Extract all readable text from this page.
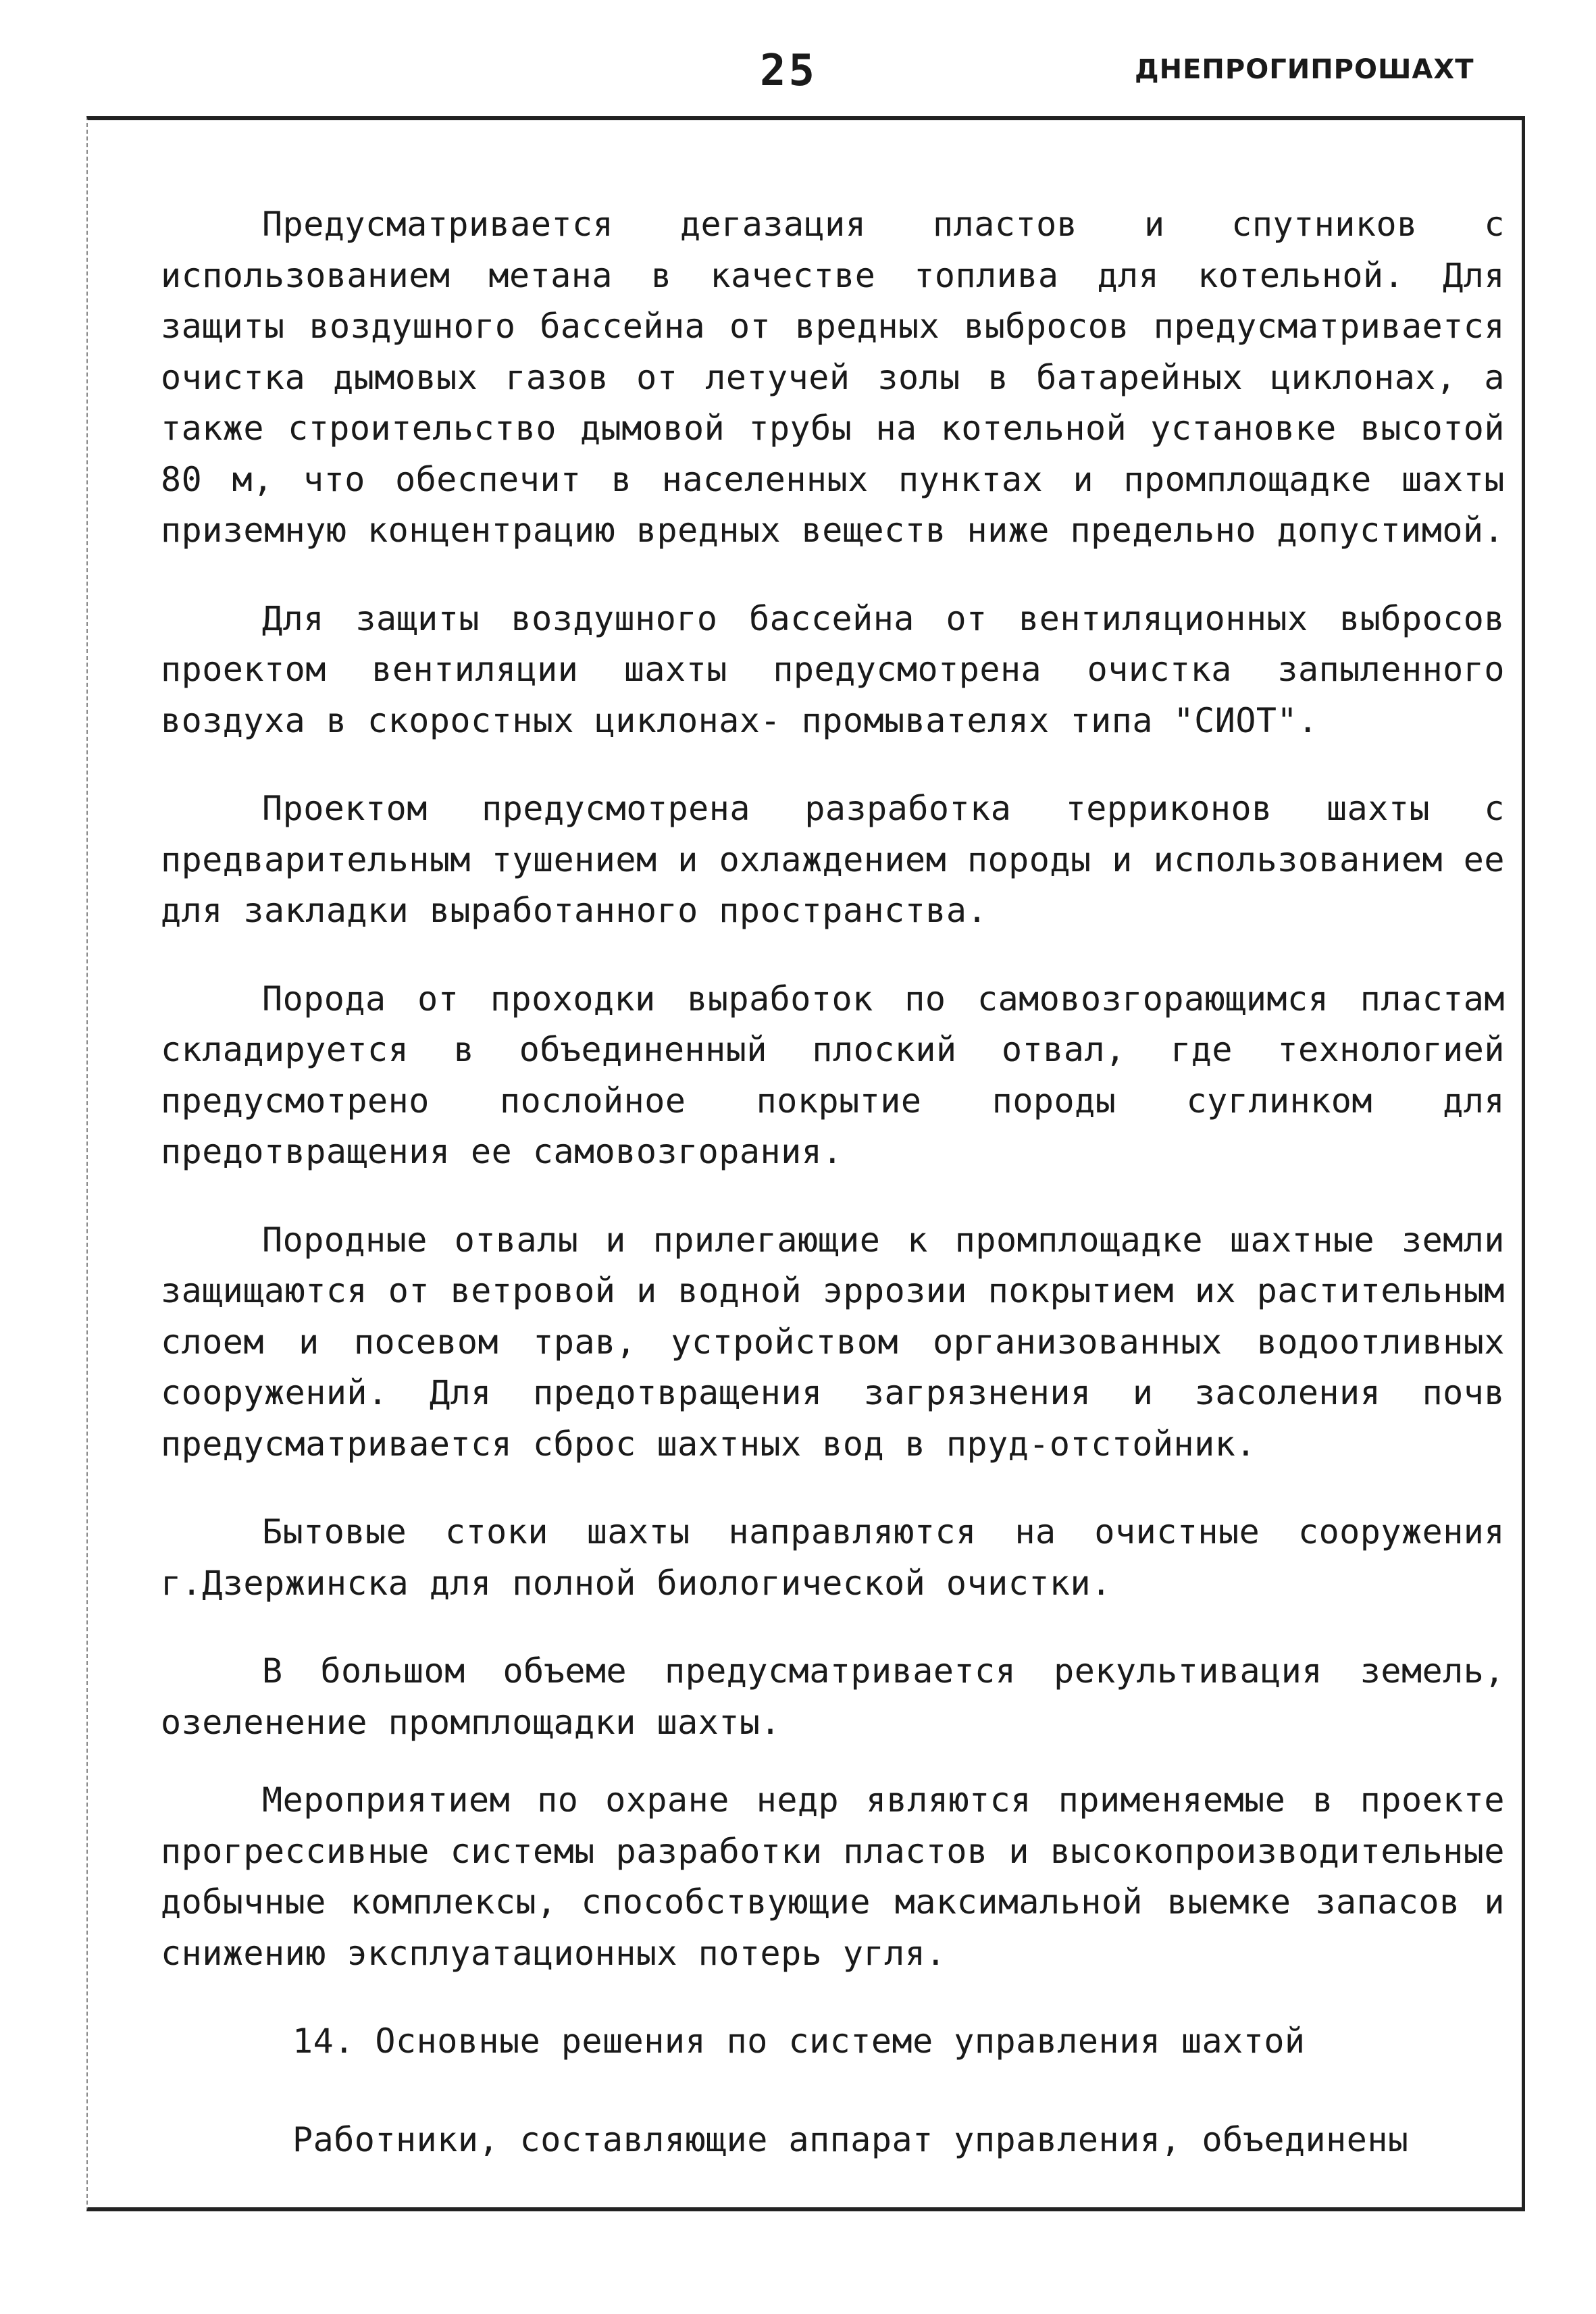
25	ДНЕПРОГИПРОШАХТ

Предусматривается дегазация пластов и спутников с использованием метана в качестве топлива для котельной. Для защиты воздушного бассейна от вредных выбросов предусматривается очистка дымовых газов от летучей золы в батарейных циклонах, а также строительство дымовой трубы на котельной установке высотой 80 м, что обеспечит в населенных пунктах и промплощадке шахты приземную концентрацию вредных веществ ниже предельно допустимой.

Для защиты воздушного бассейна от вентиляционных выбросов проектом вентиляции шахты предусмотрена очистка запыленного воздуха в скоростных циклонах- промывателях типа "СИОТ".

Проектом предусмотрена разработка терриконов шахты с предварительным тушением и охлаждением породы и использованием ее для закладки выработанного пространства.

Порода от проходки выработок по самовозгорающимся пластам складируется в объединенный плоский отвал, где технологией предусмотрено послойное покрытие породы суглинком для предотвращения ее самовозгорания.

Породные отвалы и прилегающие к промплощадке шахтные земли защищаются от ветровой и водной эррозии покрытием их растительным слоем и посевом трав, устройством организованных водоотливных сооружений. Для предотвращения загрязнения и засоления почв предусматривается сброс шахтных вод в пруд-отстойник.

Бытовые стоки шахты направляются на очистные сооружения г.Дзержинска для полной биологической очистки.

В большом объеме предусматривается рекультивация земель, озеленение промплощадки шахты.

Мероприятием по охране недр являются применяемые в проекте прогрессивные системы разработки пластов и высокопроизводительные добычные комплексы, способствующие максимальной выемке запасов и снижению эксплуатационных потерь угля.

14. Основные решения по системе управления шахтой

Работники, составляющие аппарат управления, объединены
